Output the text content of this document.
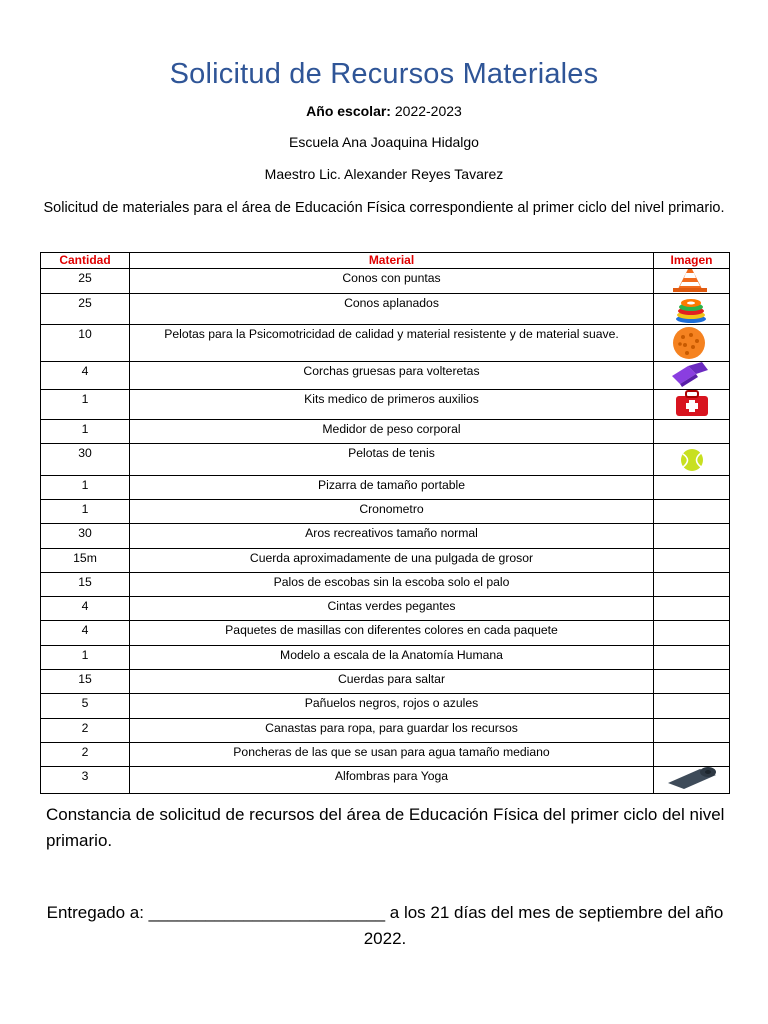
Solicitud de Recursos Materiales
Año escolar: 2022-2023
Escuela Ana Joaquina Hidalgo
Maestro Lic. Alexander Reyes Tavarez
Solicitud de materiales para el área de Educación Física correspondiente al primer ciclo del nivel primario.
Cantidad	Material	Imagen
25	Conos con puntas	

25	Conos aplanados	

10	Pelotas para la Psicomotricidad de calidad y material resistente y de material suave.	

4	Corchas gruesas para volteretas	

1	Kits medico de primeros auxilios	

1	Medidor de peso corporal	
30	Pelotas de tenis	

1	Pizarra de tamaño portable	
1	Cronometro	
30	Aros recreativos tamaño normal	
15m	Cuerda aproximadamente de una pulgada de grosor	
15	Palos de escobas sin la escoba solo el palo	
4	Cintas verdes pegantes	
4	Paquetes de masillas con diferentes colores en cada paquete	
1	Modelo a escala de la Anatomía Humana	
15	Cuerdas para saltar	
5	Pañuelos negros, rojos o azules	
2	Canastas para ropa, para guardar los recursos	
2	Poncheras de las que se usan para agua tamaño mediano	
3	Alfombras para Yoga	
Constancia de solicitud de recursos del área de Educación Física del primer ciclo del nivel primario.
Entregado a: _________________________ a los 21 días del mes de septiembre del año 2022.
